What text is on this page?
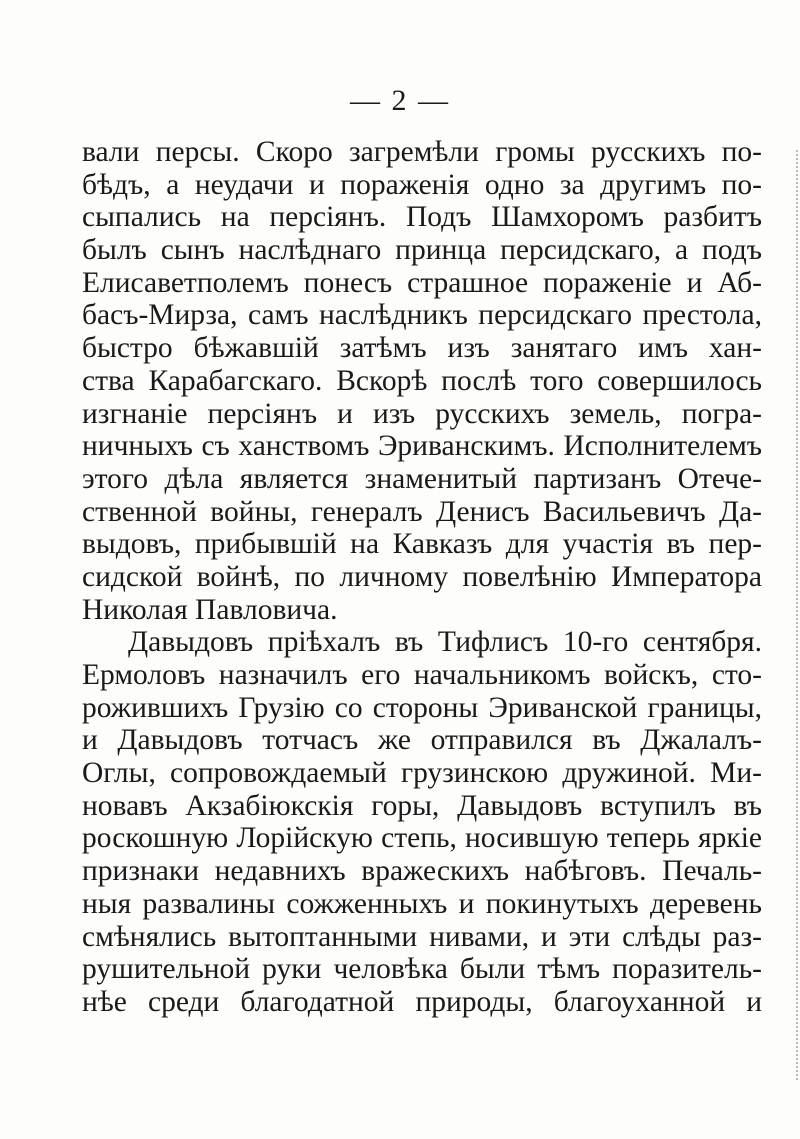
— 2 —
вали персы. Скоро загремѣли громы русскихъ по-
бѣдъ, а неудачи и пораженія одно за другимъ по-
сыпались на персіянъ. Подъ Шамхоромъ разбитъ
былъ сынъ наслѣднаго принца персидскаго, а подъ
Елисаветполемъ понесъ страшное пораженіе и Аб-
басъ-Мирза, самъ наслѣдникъ персидскаго престола,
быстро бѣжавшій затѣмъ изъ занятаго имъ хан-
ства Карабагскаго. Вскорѣ послѣ того совершилось
изгнаніе персіянъ и изъ русскихъ земель, погра-
ничныхъ съ ханствомъ Эриванскимъ. Исполнителемъ
этого дѣла является знаменитый партизанъ Отече-
ственной войны, генералъ Денисъ Васильевичъ Да-
выдовъ, прибывшій на Кавказъ для участія въ пер-
сидской войнѣ, по личному повелѣнію Императора
Николая Павловича.
Давыдовъ пріѣхалъ въ Тифлисъ 10-го сентября.
Ермоловъ назначилъ его начальникомъ войскъ, сто-
рожившихъ Грузію со стороны Эриванской границы,
и Давыдовъ тотчасъ же отправился въ Джалалъ-
Оглы, сопровождаемый грузинскою дружиной. Ми-
новавъ Акзабіюкскія горы, Давыдовъ вступилъ въ
роскошную Лорійскую степь, носившую теперь яркіе
признаки недавнихъ вражескихъ набѣговъ. Печаль-
ныя развалины сожженныхъ и покинутыхъ деревень
смѣнялись вытоптанными нивами, и эти слѣды раз-
рушительной руки человѣка были тѣмъ поразитель-
нѣе среди благодатной природы, благоуханной и
